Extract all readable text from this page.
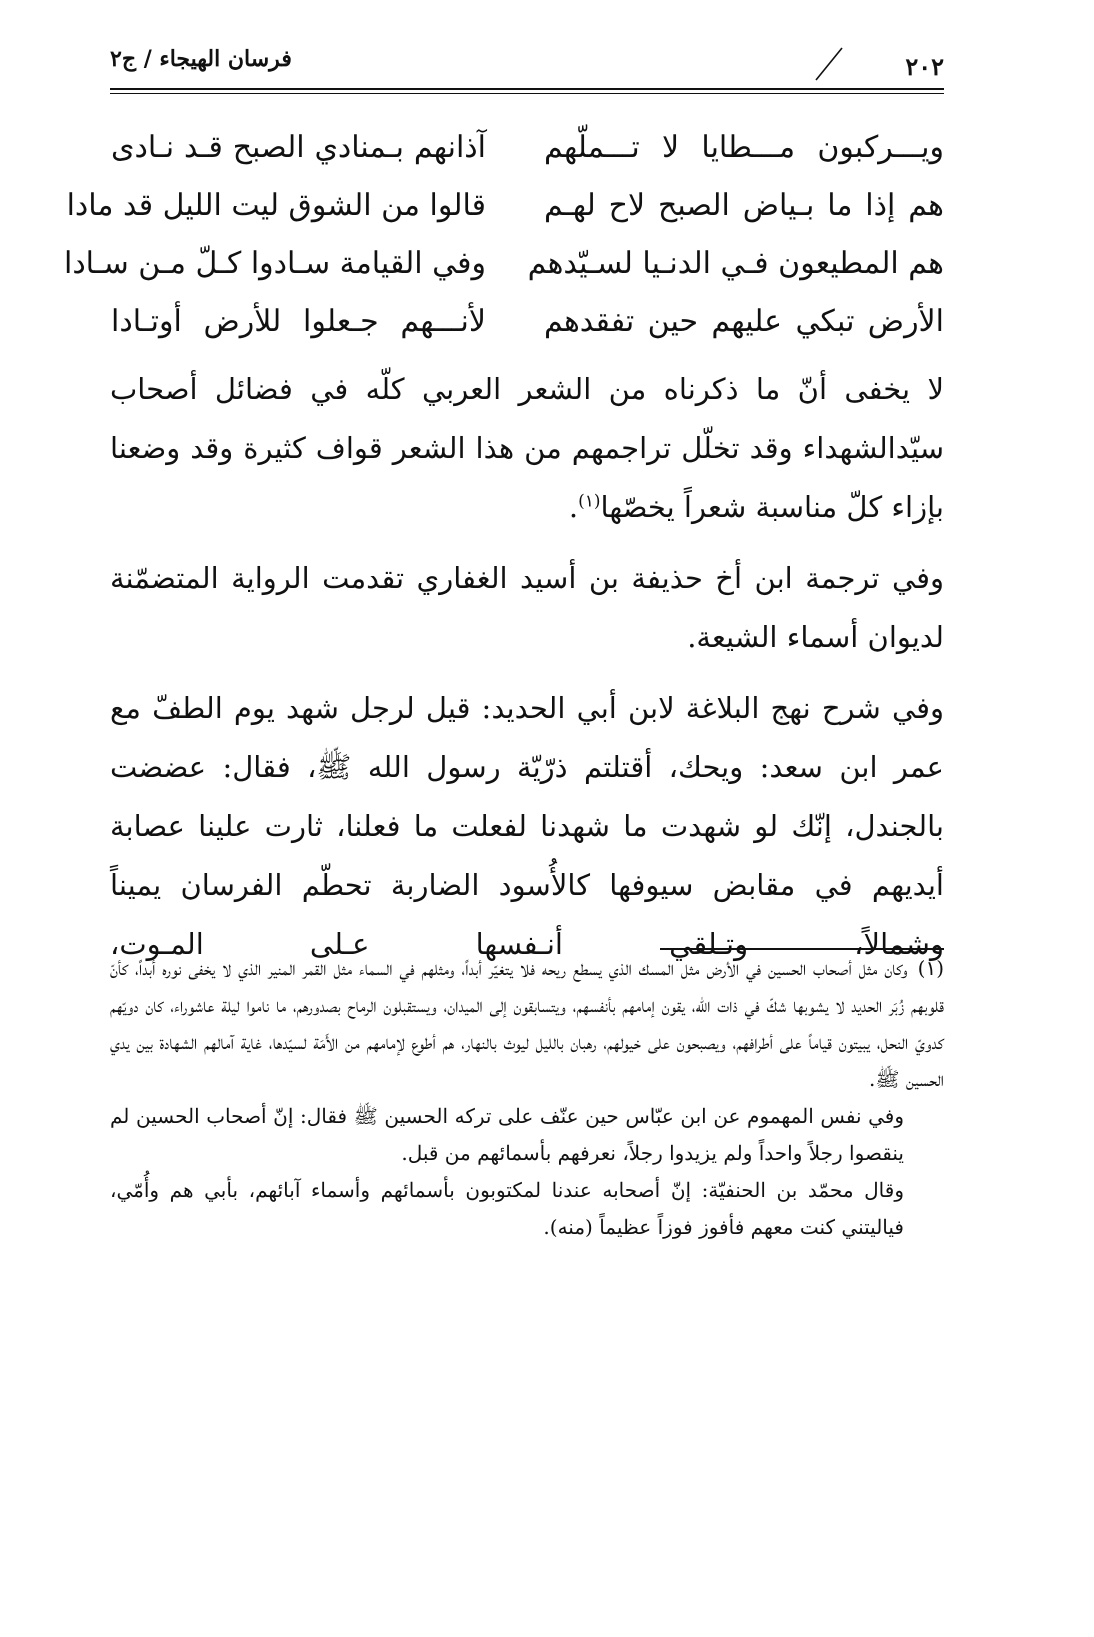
فرسان الهيجاء / ج٢	٢٠٢
ويـــركبون مـــطايا لا تـــملّهم
آذانهم بـمنادي الصبح قـد نـادى
هم إذا ما بـياض الصبح لاح لهـم
قالوا من الشوق ليت الليل قد مادا
هم المطيعون فـي الدنـيا لسـيّدهم
وفي القيامة سـادوا كـلّ مـن سـادا
الأرض تبكي عليهم حين تفقدهم
لأنـــهم جـعلوا للأرض أوتـادا

لا يخفى أنّ ما ذكرناه من الشعر العربي كلّه في فضائل أصحاب سيّدالشهداء وقد تخلّل تراجمهم من هذا الشعر قواف كثيرة وقد وضعنا بإزاء كلّ مناسبة شعراً يخصّها$^{(١)}$.

وفي ترجمة ابن أخ حذيفة بن أسيد الغفاري تقدمت الرواية المتضمّنة لديوان أسماء الشيعة.

وفي شرح نهج البلاغة لابن أبي الحديد: قيل لرجل شهد يوم الطفّ مع عمر ابن سعد: ويحك، أقتلتم ذرّيّة رسول الله ﷺ، فقال: عضضت بالجندل، إنّك لو شهدت ما شهدنا لفعلت ما فعلنا، ثارت علينا عصابة أيديهم في مقابض سيوفها كالأُسود الضاربة تحطّم الفرسان يميناً وشمالاً، وتـلقي أنـفسها عـلى المـوت،

(١)وكان مثل أصحاب الحسين في الأرض مثل المسك الذي يسطع ريحه فلا يتغيّر أبداً، ومثلهم في السماء مثل القمر المنير الذي لا يخفى نوره أبداً، كأنّ قلوبهم زُبَر الحديد لا يشوبها شكّ في ذات الله، يقون إمامهم بأنفسهم، ويتسابقون إلى الميدان، ويستقبلون الرماح بصدورهم، ما ناموا ليلة عاشوراء، كان دويّهم كدويّ النحل، يبيتون قياماً على أطرافهم، ويصبحون على خيولهم، رهبان بالليل ليوث بالنهار، هم أطوع لإمامهم من الأَمَة لسيّدها، غاية آمالهم الشهادة بين يدي الحسين ﷺ.

وفي نفس المهموم عن ابن عبّاس حين عنّف على تركه الحسين ﷺ فقال: إنّ أصحاب الحسين لم ينقصوا رجلاً واحداً ولم يزيدوا رجلاً، نعرفهم بأسمائهم من قبل.

وقال محمّد بن الحنفيّة: إنّ أصحابه عندنا لمكتوبون بأسمائهم وأسماء آبائهم، بأبي هم وأُمّي، فياليتني كنت معهم فأفوز فوزاً عظيماً (منه).
